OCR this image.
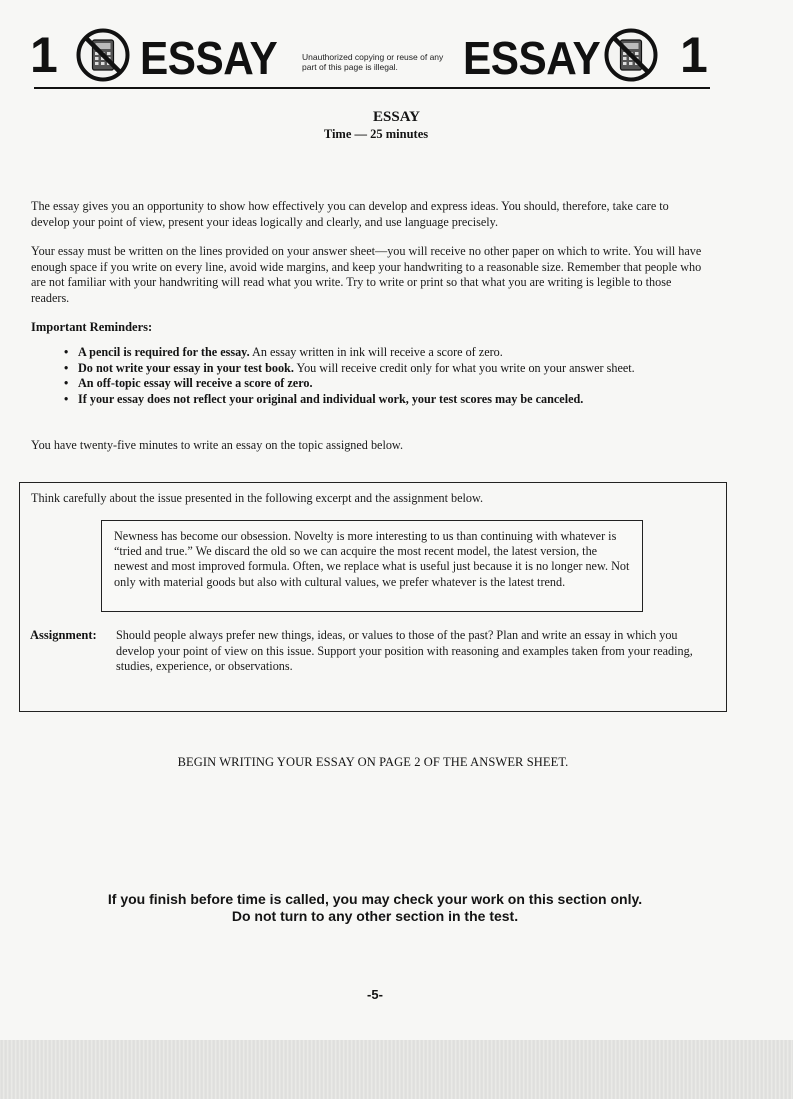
1 ESSAY	Unauthorized copying or reuse of any part of this page is illegal.	ESSAY 1
ESSAY
Time — 25 minutes
The essay gives you an opportunity to show how effectively you can develop and express ideas. You should, therefore, take care to develop your point of view, present your ideas logically and clearly, and use language precisely.
Your essay must be written on the lines provided on your answer sheet—you will receive no other paper on which to write. You will have enough space if you write on every line, avoid wide margins, and keep your handwriting to a reasonable size. Remember that people who are not familiar with your handwriting will read what you write. Try to write or print so that what you are writing is legible to those readers.
Important Reminders:
• A pencil is required for the essay. An essay written in ink will receive a score of zero.
• Do not write your essay in your test book. You will receive credit only for what you write on your answer sheet.
• An off-topic essay will receive a score of zero.
• If your essay does not reflect your original and individual work, your test scores may be canceled.
You have twenty-five minutes to write an essay on the topic assigned below.
Think carefully about the issue presented in the following excerpt and the assignment below.
Newness has become our obsession. Novelty is more interesting to us than continuing with whatever is “tried and true.” We discard the old so we can acquire the most recent model, the latest version, the newest and most improved formula. Often, we replace what is useful just because it is no longer new. Not only with material goods but also with cultural values, we prefer whatever is the latest trend.
Assignment: Should people always prefer new things, ideas, or values to those of the past? Plan and write an essay in which you develop your point of view on this issue. Support your position with reasoning and examples taken from your reading, studies, experience, or observations.
BEGIN WRITING YOUR ESSAY ON PAGE 2 OF THE ANSWER SHEET.
If you finish before time is called, you may check your work on this section only.
Do not turn to any other section in the test.
-5-
